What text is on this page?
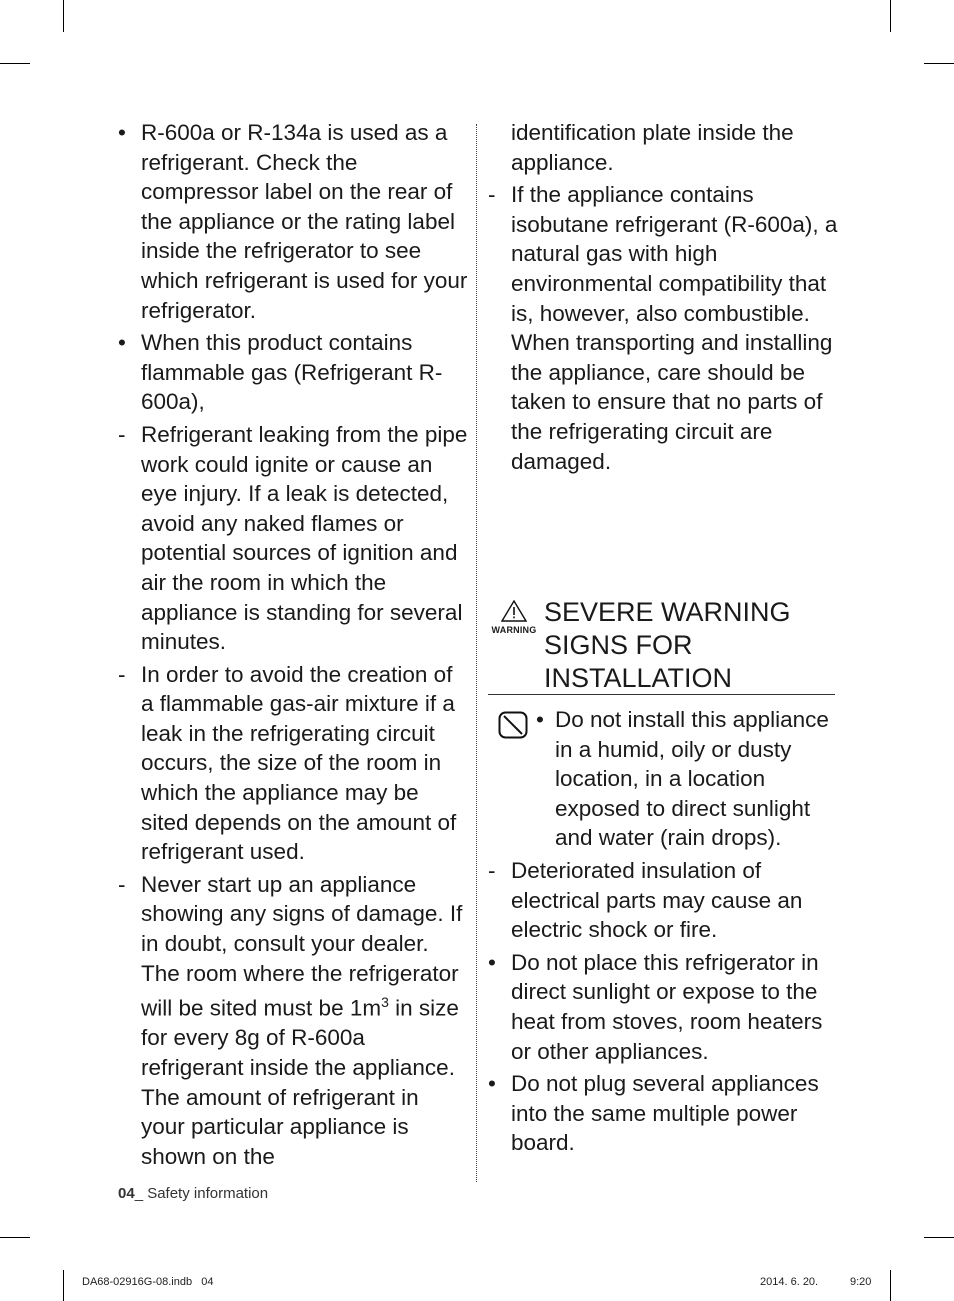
• R-600a or R-134a is used as a refrigerant. Check the compressor label on the rear of the appliance or the rating label inside the refrigerator to see which refrigerant is used for your refrigerator.
• When this product contains flammable gas (Refrigerant R-600a),
- Refrigerant leaking from the pipe work could ignite or cause an eye injury. If a leak is detected, avoid any naked flames or potential sources of ignition and air the room in which the appliance is standing for several minutes.
- In order to avoid the creation of a flammable gas-air mixture if a leak in the refrigerating circuit occurs, the size of the room in which the appliance may be sited depends on the amount of refrigerant used.
- Never start up an appliance showing any signs of damage. If in doubt, consult your dealer. The room where the refrigerator will be sited must be $1m^3$ in size for every 8g of R-600a refrigerant inside the appliance. The amount of refrigerant in your particular appliance is shown on the
identification plate inside the appliance.
- If the appliance contains isobutane refrigerant (R-600a), a natural gas with high environmental compatibility that is, however, also combustible. When transporting and installing the appliance, care should be taken to ensure that no parts of the refrigerating circuit are damaged.
WARNING
SEVERE WARNING SIGNS FOR INSTALLATION
• Do not install this appliance in a humid, oily or dusty location, in a location exposed to direct sunlight and water (rain drops).
- Deteriorated insulation of electrical parts may cause an electric shock or fire.
• Do not place this refrigerator in direct sunlight or expose to the heat from stoves, room heaters or other appliances.
• Do not plug several appliances into the same multiple power board.
04_ Safety information
DA68-02916G-08.indb   04	2014. 6. 20.	9:20
